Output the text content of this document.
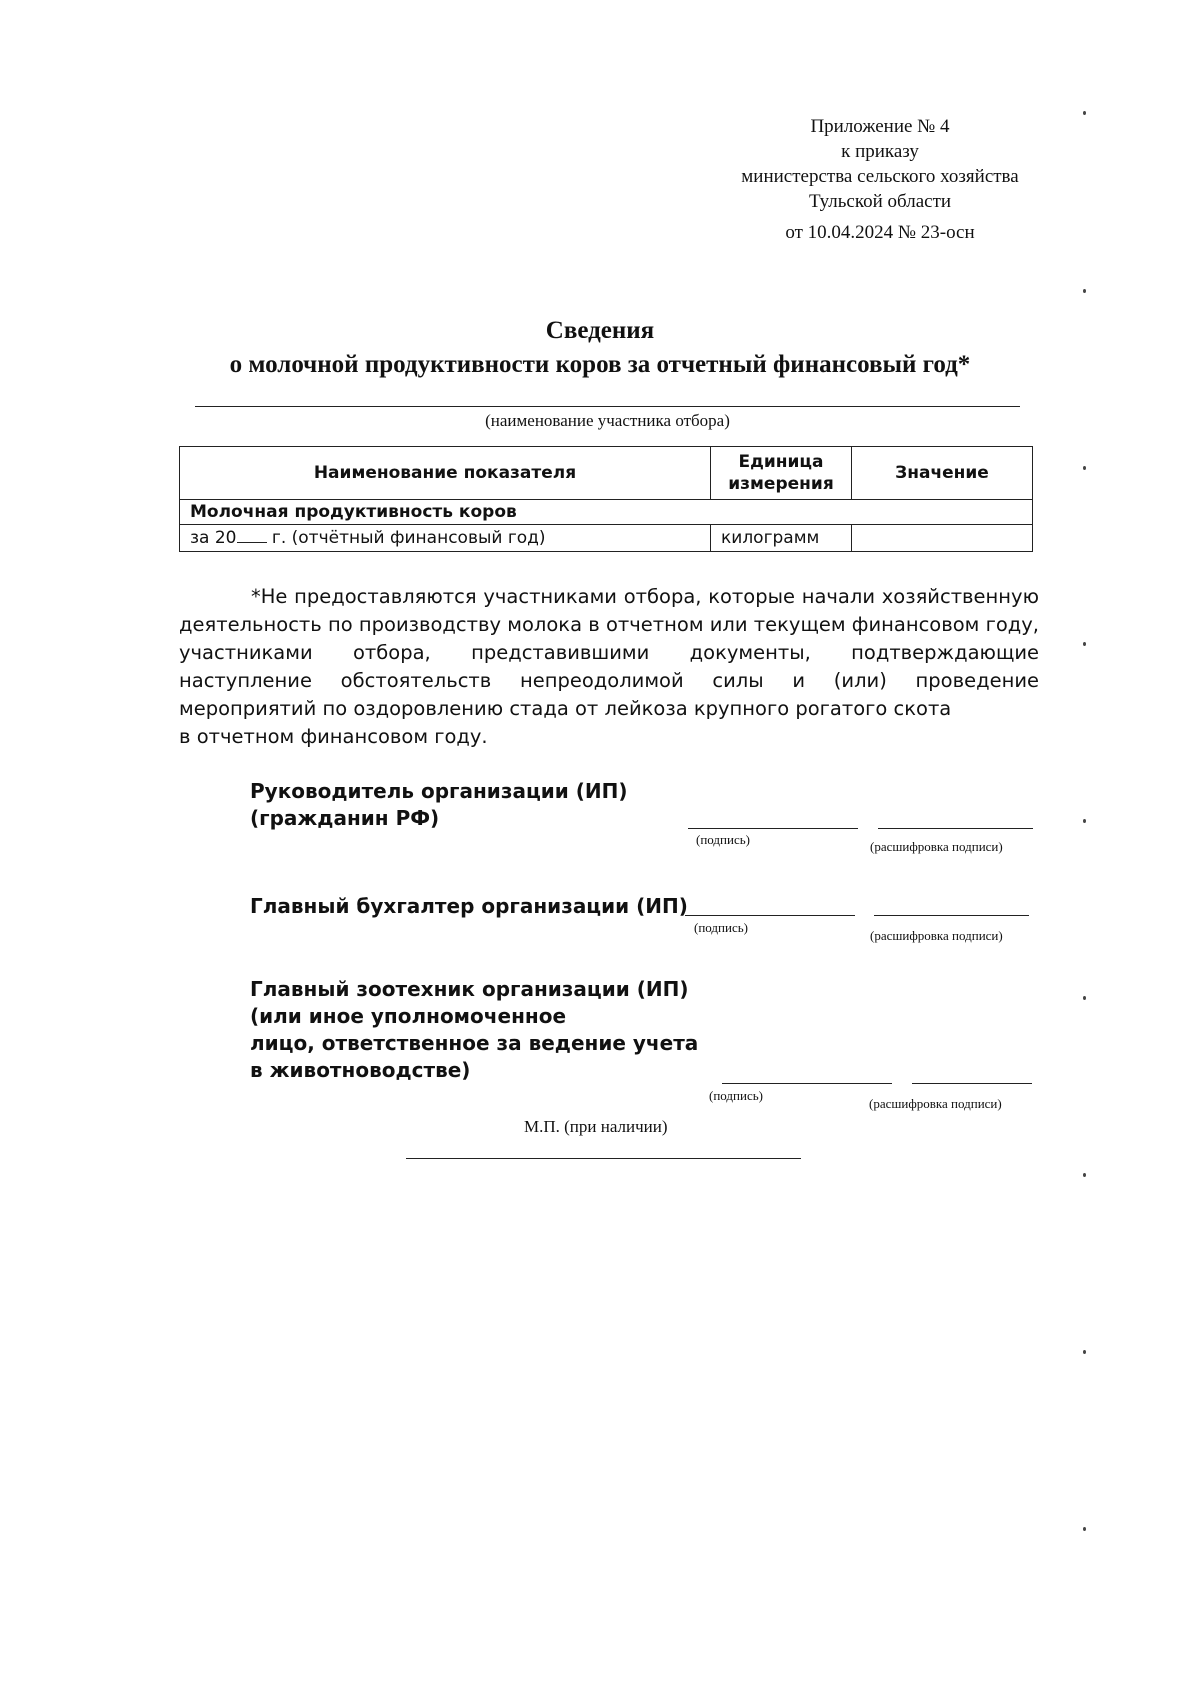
Приложение № 4
к приказу
министерства сельского хозяйства
Тульской области
от 10.04.2024 № 23-осн
Сведения
о молочной продуктивности коров за отчетный финансовый год*
(наименование участника отбора)
Наименование показателя	Единица измерения	Значение
Молочная продуктивность коров		
за 20 г. (отчётный финансовый год)	килограмм	
*Не предоставляются участниками отбора, которые начали хозяйственную деятельность по производству молока в отчетном или текущем финансовом году, участниками отбора, представившими документы, подтверждающие наступление обстоятельств непреодолимой силы и (или) проведение мероприятий по оздоровлению стада от лейкоза крупного рогатого скота
в отчетном финансовом году.
Руководитель организации (ИП)
(гражданин РФ)
(подпись)	(расшифровка подписи)
Главный бухгалтер организации (ИП)
(подпись)
(расшифровка подписи)
Главный зоотехник организации (ИП)
(или иное уполномоченное
лицо, ответственное за ведение учета
в животноводстве)
(подпись)
(расшифровка подписи)
М.П. (при наличии)
